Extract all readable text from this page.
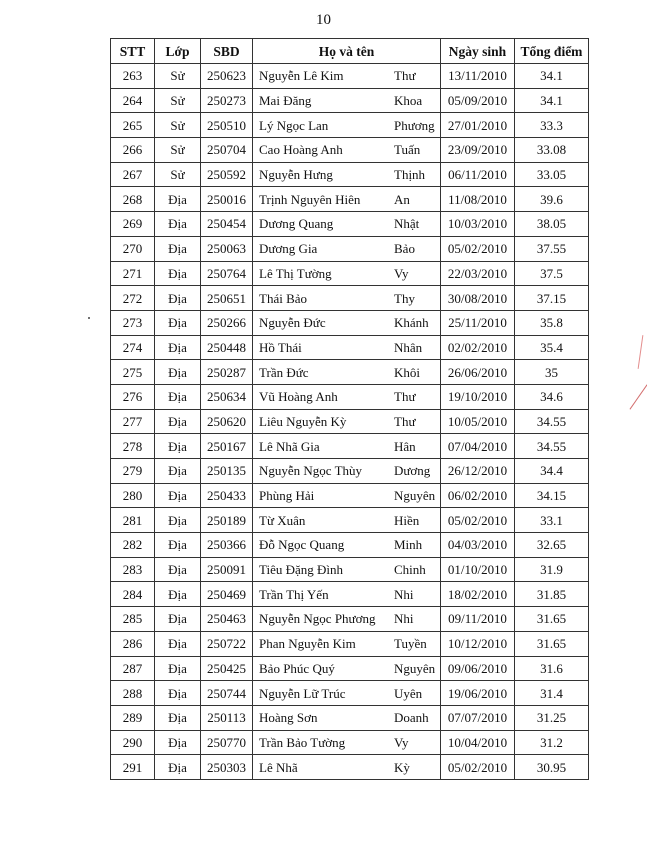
10
STT	Lớp	SBD	Họ và tên	Ngày sinh	Tổng điểm
263	Sử	250623	Nguyễn Lê Kim Thư	13/11/2010	34.1
264	Sử	250273	Mai Đăng Khoa	05/09/2010	34.1
265	Sử	250510	Lý Ngọc Lan Phương	27/01/2010	33.3
266	Sử	250704	Cao Hoàng Anh Tuấn	23/09/2010	33.08
267	Sử	250592	Nguyễn Hưng Thịnh	06/11/2010	33.05
268	Địa	250016	Trịnh Nguyên Hiên An	11/08/2010	39.6
269	Địa	250454	Dương Quang Nhật	10/03/2010	38.05
270	Địa	250063	Dương Gia Bảo	05/02/2010	37.55
271	Địa	250764	Lê Thị Tường Vy	22/03/2010	37.5
272	Địa	250651	Thái Bảo Thy	30/08/2010	37.15
273	Địa	250266	Nguyễn Đức Khánh	25/11/2010	35.8
274	Địa	250448	Hồ Thái Nhân	02/02/2010	35.4
275	Địa	250287	Trần Đức Khôi	26/06/2010	35
276	Địa	250634	Vũ Hoàng Anh Thư	19/10/2010	34.6
277	Địa	250620	Liêu Nguyễn Kỳ Thư	10/05/2010	34.55
278	Địa	250167	Lê Nhã Gia Hân	07/04/2010	34.55
279	Địa	250135	Nguyễn Ngọc Thùy Dương	26/12/2010	34.4
280	Địa	250433	Phùng Hải Nguyên	06/02/2010	34.15
281	Địa	250189	Từ Xuân Hiền	05/02/2010	33.1
282	Địa	250366	Đỗ Ngọc Quang Minh	04/03/2010	32.65
283	Địa	250091	Tiêu Đặng Đình Chinh	01/10/2010	31.9
284	Địa	250469	Trần Thị Yến Nhi	18/02/2010	31.85
285	Địa	250463	Nguyễn Ngọc Phương Nhi	09/11/2010	31.65
286	Địa	250722	Phan Nguyễn Kim Tuyền	10/12/2010	31.65
287	Địa	250425	Bảo Phúc Quý Nguyên	09/06/2010	31.6
288	Địa	250744	Nguyễn Lữ Trúc Uyên	19/06/2010	31.4
289	Địa	250113	Hoàng Sơn Doanh	07/07/2010	31.25
290	Địa	250770	Trần Bảo Tường Vy	10/04/2010	31.2
291	Địa	250303	Lê Nhã Kỳ	05/02/2010	30.95
